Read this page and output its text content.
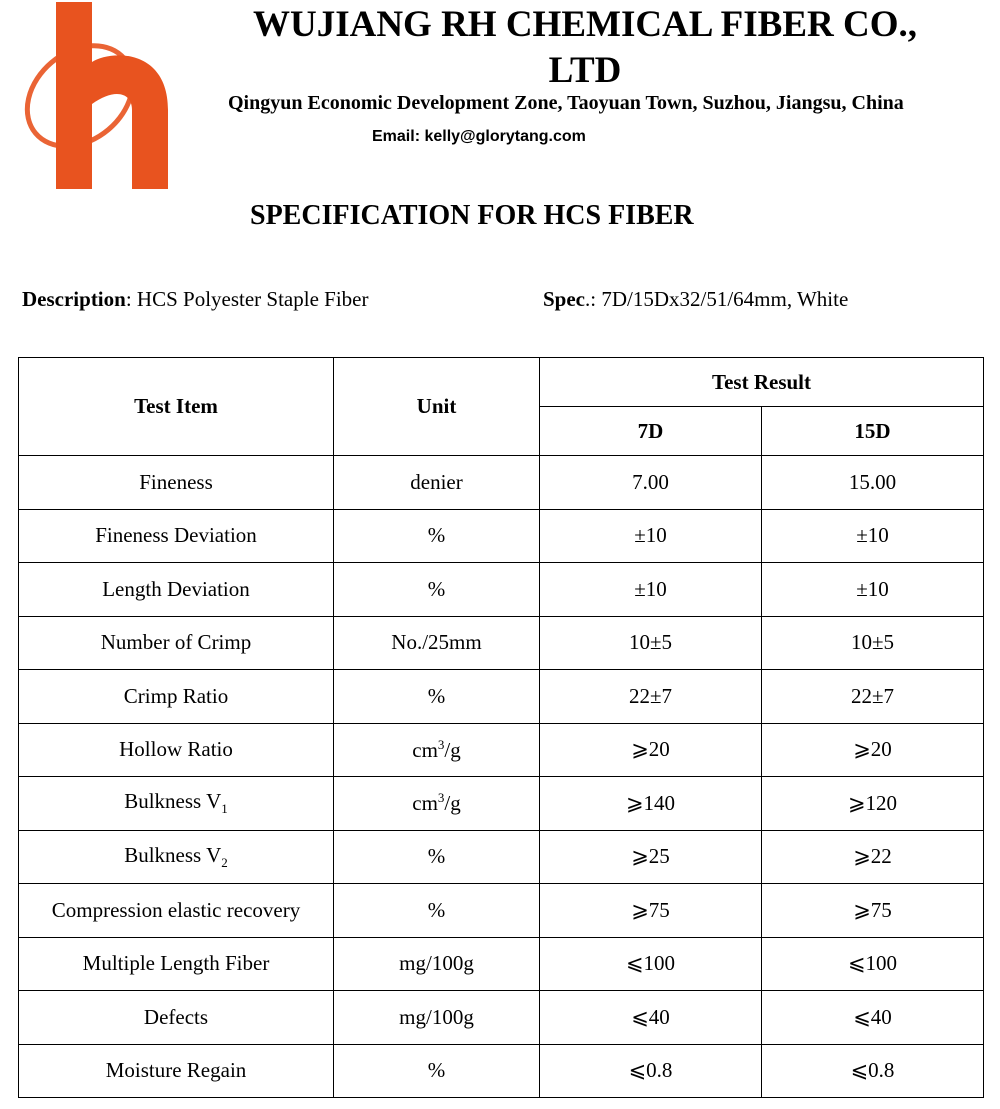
WUJIANG RH CHEMICAL FIBER CO., LTD
Qingyun Economic Development Zone, Taoyuan Town, Suzhou, Jiangsu, China
Email: kelly@glorytang.com
SPECIFICATION FOR HCS FIBER
Description: HCS Polyester Staple Fiber	Spec.: 7D/15Dx32/51/64mm, White
Test Item	Unit	Test Result	
		7D	15D
Fineness	denier	7.00	15.00
Fineness Deviation	%	±10	±10
Length Deviation	%	±10	±10
Number of Crimp	No./25mm	10±5	10±5
Crimp Ratio	%	22±7	22±7
Hollow Ratio	$cm^3/g$	⩾20	⩾20
Bulkness $V_1$	$cm^3/g$	⩾140	⩾120
Bulkness $V_2$	%	⩾25	⩾22
Compression elastic recovery	%	⩾75	⩾75
Multiple Length Fiber	mg/100g	⩽100	⩽100
Defects	mg/100g	⩽40	⩽40
Moisture Regain	%	⩽0.8	⩽0.8
